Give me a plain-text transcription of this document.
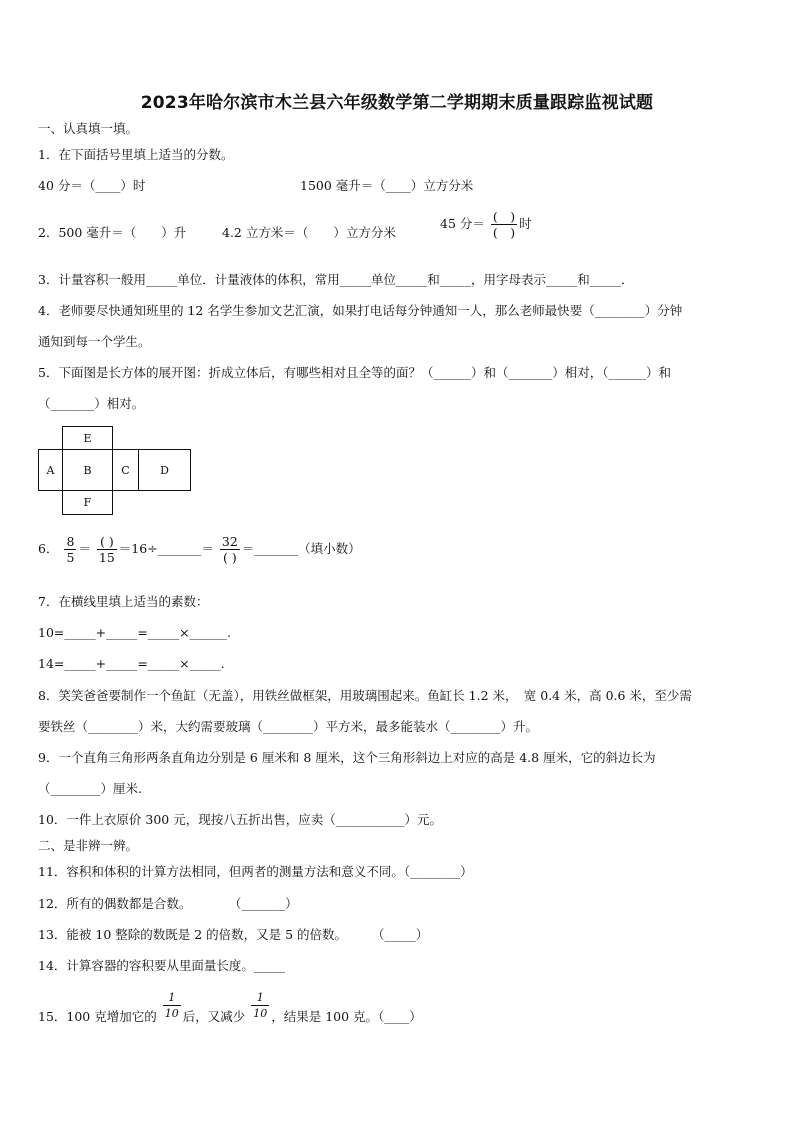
2023年哈尔滨市木兰县六年级数学第二学期期末质量跟踪监视试题
一、认真填一填。
1．在下面括号里填上适当的分数。
40 分＝（____）时	1500 毫升＝（____）立方分米
2．500 毫升＝（　　）升	4.2 立方米＝（　　）立方分米
45 分＝ $\frac{( )}{( )}$ 时
3．计量容积一般用_____单位．计量液体的体积，常用_____单位_____和_____，用字母表示_____和_____．
4．老师要尽快通知班里的 12 名学生参加文艺汇演，如果打电话每分钟通知一人，那么老师最快要（________）分钟
通知到每一个学生。
5．下面图是长方体的展开图：折成立体后，有哪些相对且全等的面？（______）和（_______）相对，（______）和
（_______）相对。
E
A	B	C	D
F
6． $\frac{8}{5} = \frac{( )}{15}$ ＝16÷_______＝ $\frac{32}{( )}$ ＝_______（填小数）
7．在横线里填上适当的素数：
10=_____+_____=_____×______.
14=_____+_____=_____×_____.
8．笑笑爸爸要制作一个鱼缸（无盖），用铁丝做框架，用玻璃围起来。鱼缸长 1.2 米，　宽 0.4 米，高 0.6 米，至少需
要铁丝（________）米，大约需要玻璃（________）平方米，最多能装水（________）升。
9．一个直角三角形两条直角边分别是 6 厘米和 8 厘米，这个三角形斜边上对应的高是 4.8 厘米，它的斜边长为
（________）厘米.
10．一件上衣原价 300 元，现按八五折出售，应卖（___________）元。
二、是非辨一辨。
11．容积和体积的计算方法相同，但两者的测量方法和意义不同。（________）
12．所有的偶数都是合数。　　　　（_______）
13．能被 10 整除的数既是 2 的倍数，又是 5 的倍数。　　　（_____）
14．计算容器的容积要从里面量长度。_____
15．100 克增加它的 $\frac{1}{10}$ 后，又减少 $\frac{1}{10}$ ，结果是 100 克。（____）
